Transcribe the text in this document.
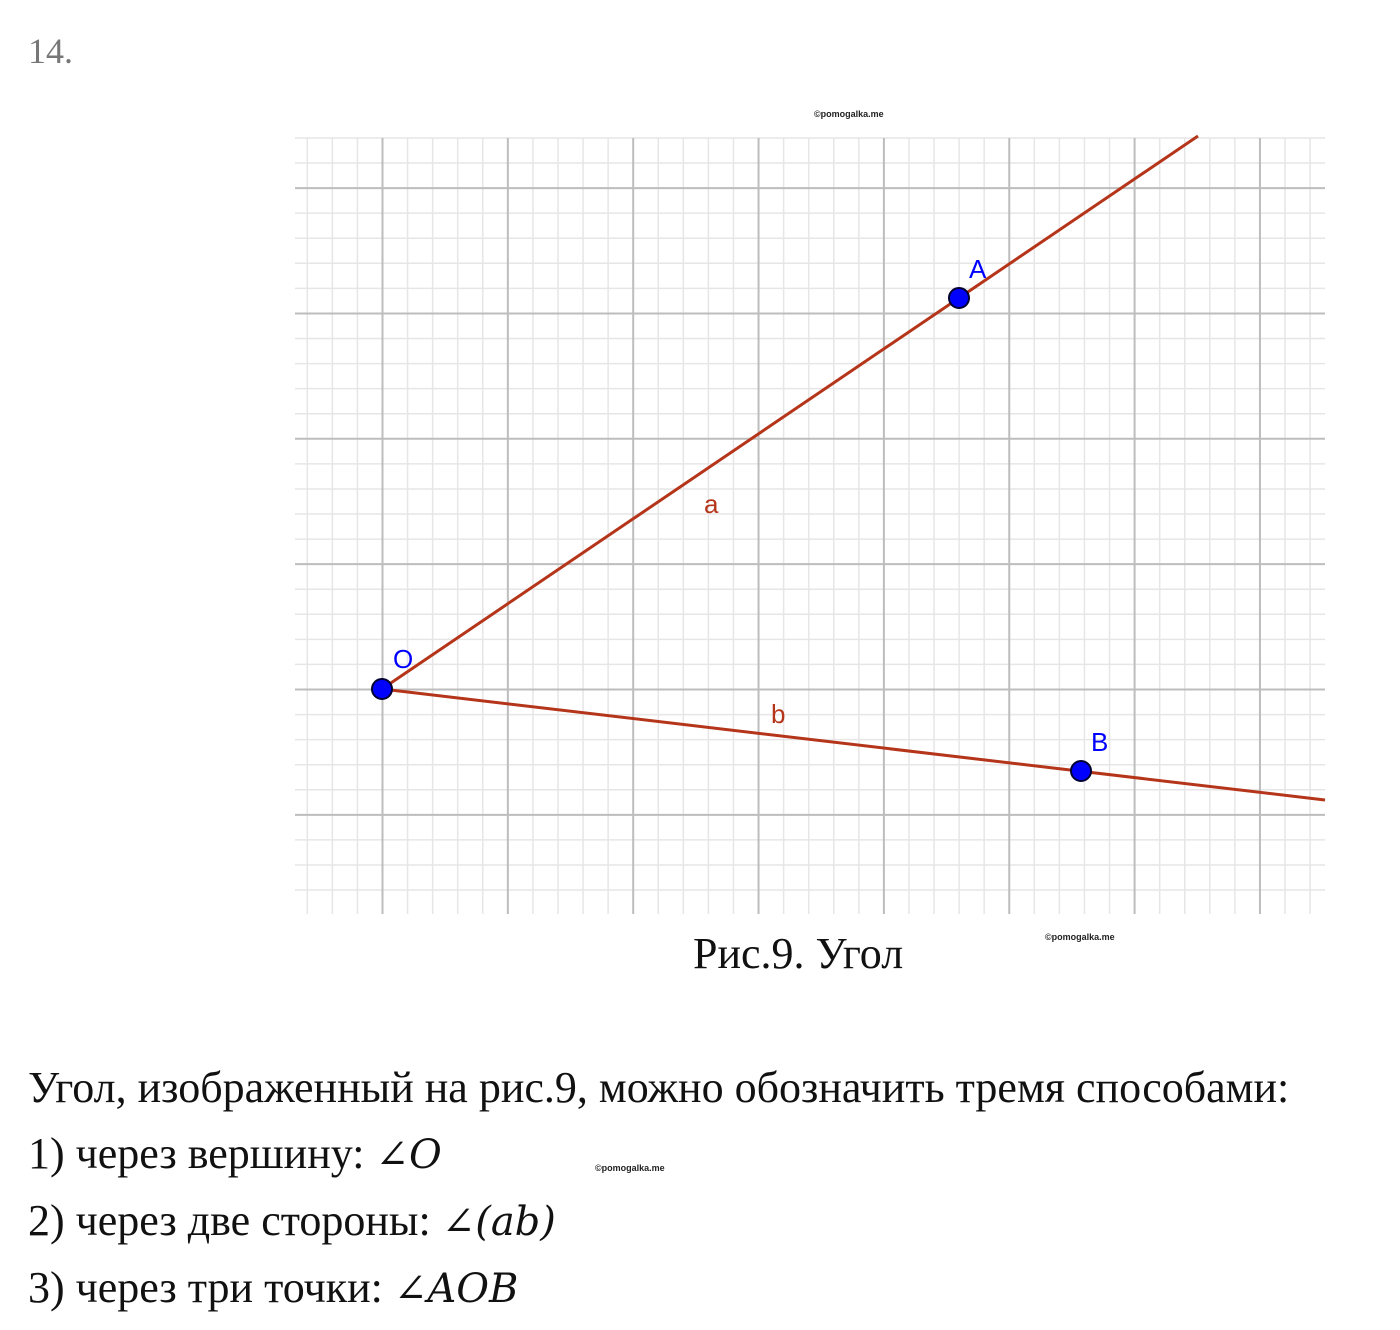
14.
©pomogalka.me
O
A
B
a
b
Рис.9. Угол	©pomogalka.me
Угол, изображенный на рис.9, можно обозначить тремя способами:
1) через вершину: ∠O
2) через две стороны: ∠(ab)
3) через три точки: ∠AOB
©pomogalka.me
